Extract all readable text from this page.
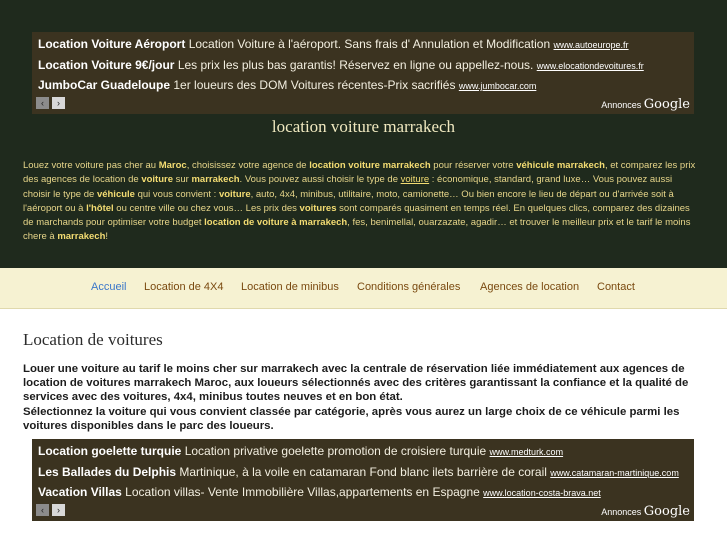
Location Voiture Aéroport Location Voiture à l'aéroport. Sans frais d' Annulation et Modification www.autoeurope.fr
Location Voiture 9€/jour Les prix les plus bas garantis! Réservez en ligne ou appellez-nous. www.elocationdevoitures.fr
JumboCar Guadeloupe 1er loueurs des DOM Voitures récentes-Prix sacrifiés www.jumbocar.com
‹	›	Annonces Google
location voiture marrakech
Louez votre voiture pas cher au Maroc, choisissez votre agence de location voiture marrakech pour réserver votre véhicule marrakech, et comparez les prix des agences de location de voiture sur marrakech. Vous pouvez aussi choisir le type de voiture : économique, standard, grand luxe… Vous pouvez aussi choisir le type de véhicule qui vous convient : voiture, auto, 4x4, minibus, utilitaire, moto, camionette… Ou bien encore le lieu de départ ou d'arrivée soit à l'aéroport ou à l'hôtel ou centre ville ou chez vous… Les prix des voitures sont comparés quasiment en temps réel. En quelques clics, comparez des dizaines de marchands pour optimiser votre budget location de voiture à marrakech, fes, benimellal, ouarzazate, agadir… et trouver le meilleur prix et le tarif le moins chere à marrakech!
Accueil Location de 4X4 Location de minibus Conditions générales Agences de location Contact
Location de voitures
Louer une voiture au tarif le moins cher sur marrakech avec la centrale de réservation liée immédiatement aux agences de location de voitures marrakech Maroc, aux loueurs sélectionnés avec des critères garantissant la confiance et la qualité de services avec des voitures, 4x4, minibus toutes neuves et en bon état.
Sélectionnez la voiture qui vous convient classée par catégorie, après vous aurez un large choix de ce véhicule parmi les voitures disponibles dans le parc des loueurs.
Location goelette turquie Location privative goelette promotion de croisiere turquie www.medturk.com
Les Ballades du Delphis Martinique, à la voile en catamaran Fond blanc ilets barrière de corail www.catamaran-martinique.com
Vacation Villas Location villas- Vente Immobilière Villas,appartements en Espagne www.location-costa-brava.net
‹	›	Annonces Google
